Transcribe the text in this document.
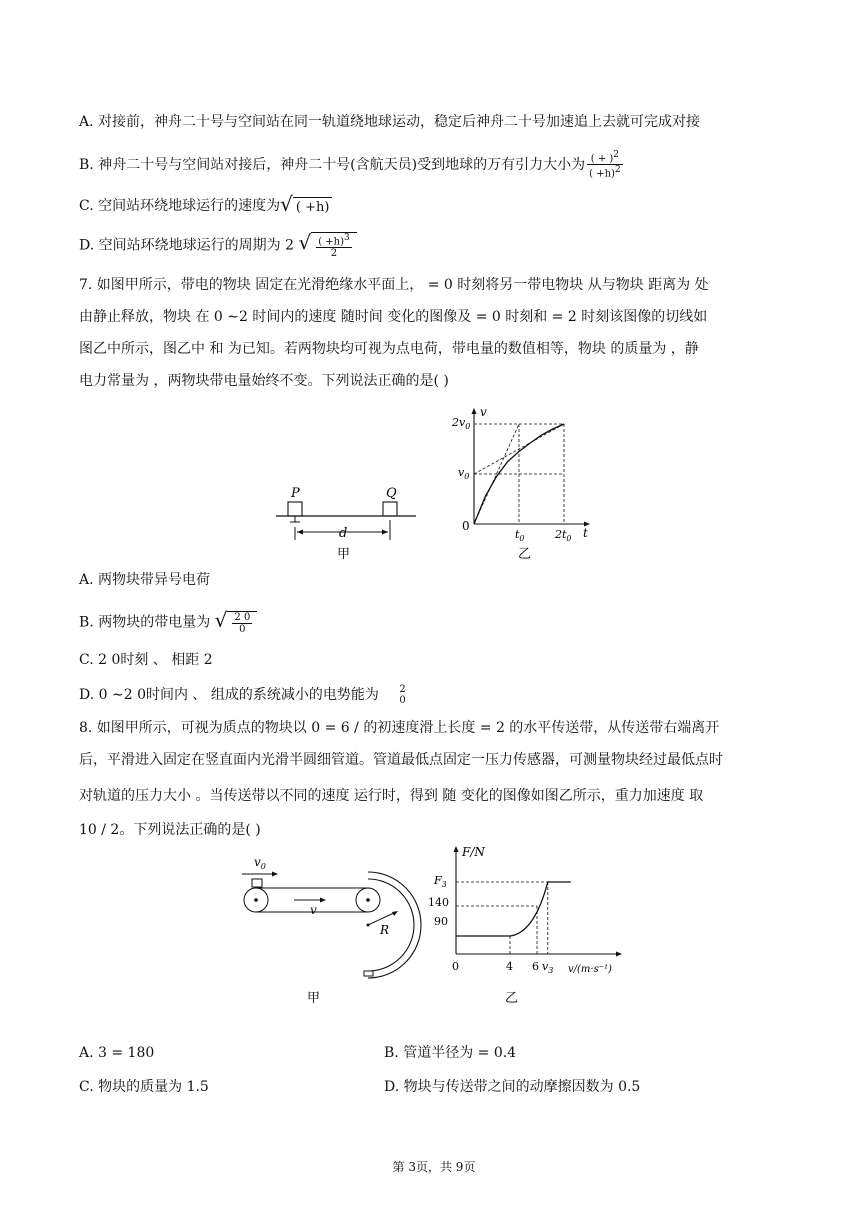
A. 对接前，神舟二十号与空间站在同一轨道绕地球运动，稳定后神舟二十号加速追上去就可完成对接
B. 神舟二十号与空间站对接后，神舟二十号(含航天员)受到地球的万有引力大小为 $\frac{( + )2}{( +h)2}$
C. 空间站环绕地球运行的速度为√ ( +h)
D. 空间站环绕地球运行的周期为 2 √ $\frac{( +h)3}{2}$
7. 如图甲所示，带电的物块 固定在光滑绝缘水平面上， = 0 时刻将另一带电物块 从与物块 距离为 处
由静止释放，物块 在 0 ∼2 时间内的速度 随时间 变化的图像及 = 0 时刻和 = 2 时刻该图像的切线如
图乙中所示，图乙中 和 为已知。若两物块均可视为点电荷，带电量的数值相等，物块 的质量为 ，静
电力常量为 ，两物块带电量始终不变。下列说法正确的是( )
P	Q
d
甲
v
t
0
$2v_0$
$v_0$
$t_0$	$2t_0$
乙
A. 两物块带异号电荷
B. 两物块的带电量为 √ $\frac{2 0}{0}$
C. 2 0时刻 、 相距 2
D. 0 ∼2 0时间内 、 组成的系统减小的电势能为 2
0
8. 如图甲所示，可视为质点的物块以 0 = 6 / 的初速度滑上长度 = 2 的水平传送带，从传送带右端离开
后，平滑进入固定在竖直面内光滑半圆细管道。管道最低点固定一压力传感器，可测量物块经过最低点时
对轨道的压力大小 。当传送带以不同的速度 运行时，得到 随 变化的图像如图乙所示，重力加速度 取
10 / 2。下列说法正确的是( )
$v_0$
v
R
甲
F/N
v/(m·s⁻¹)
$F_3$
140
90
0	4 6 $v_3$
乙
A. 3 = 180	B. 管道半径为 = 0.4
C. 物块的质量为 1.5	D. 物块与传送带之间的动摩擦因数为 0.5
第 3页，共 9页
